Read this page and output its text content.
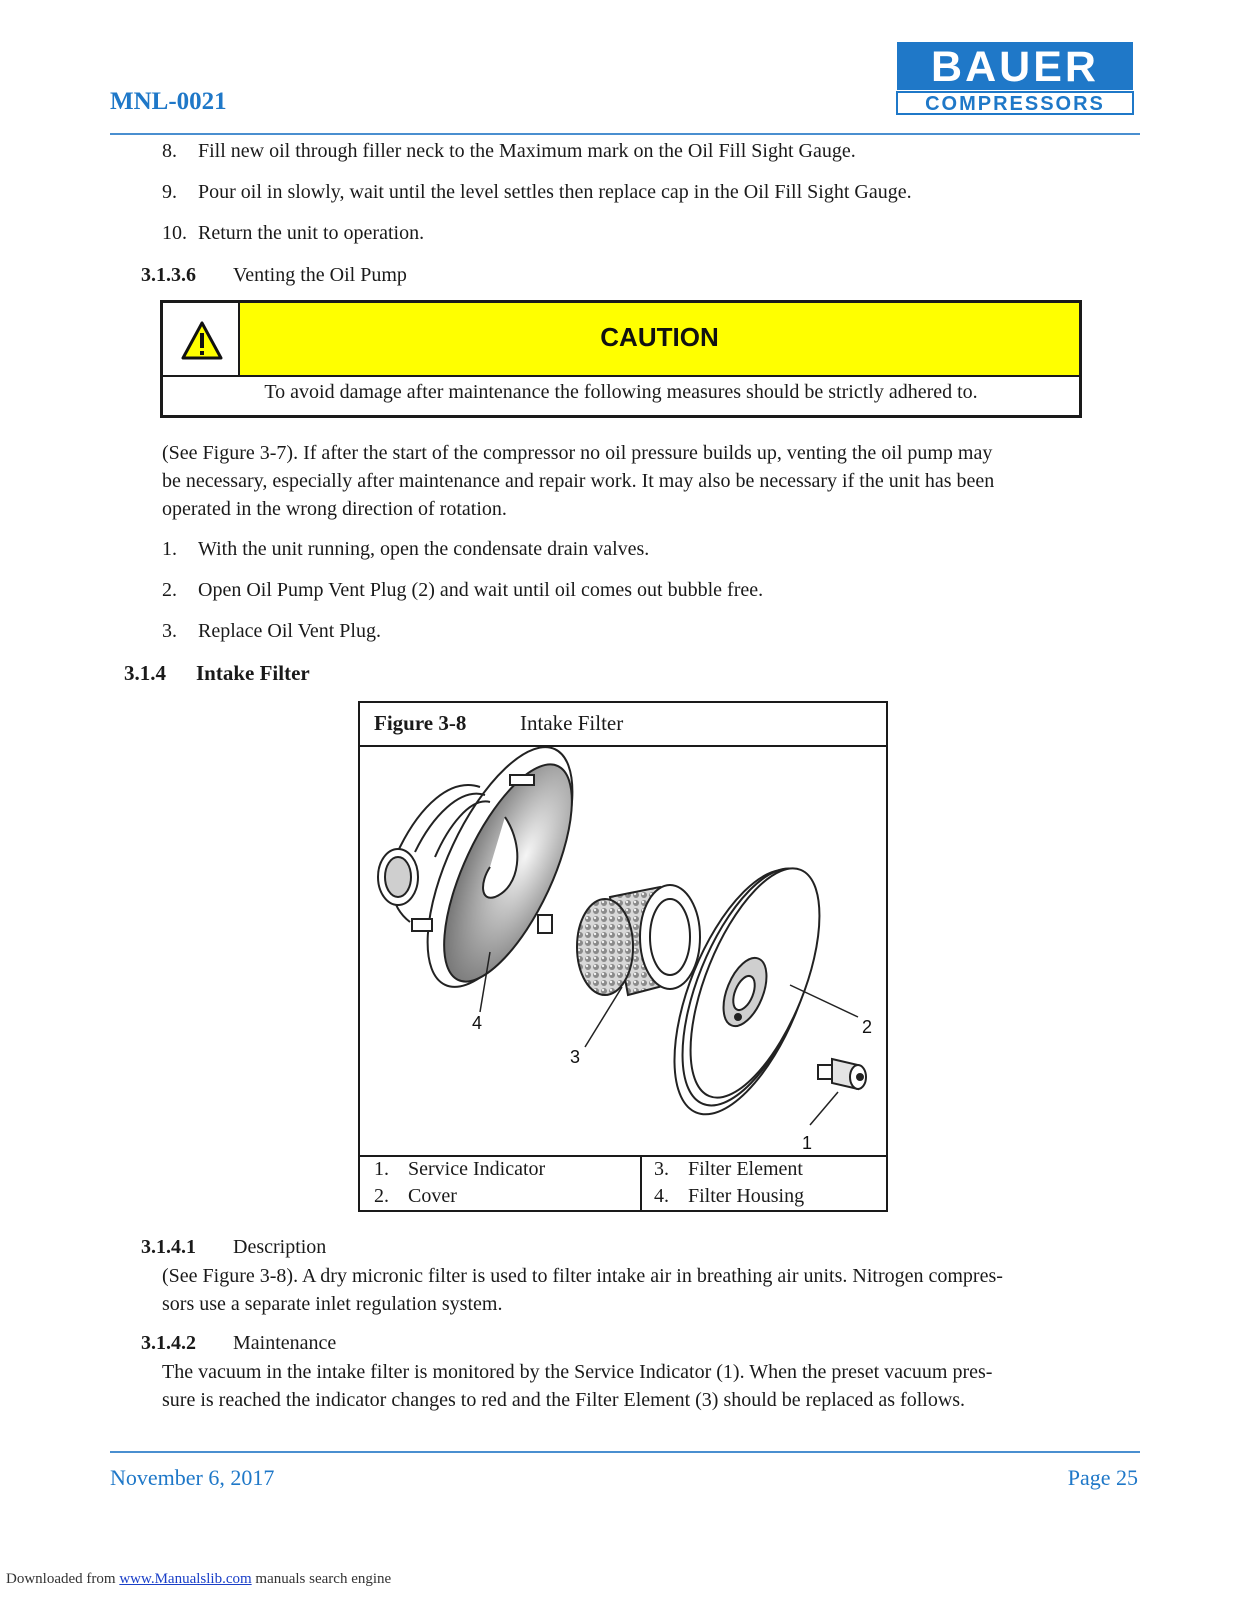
MNL-0021
BAUER
COMPRESSORS
8. Fill new oil through filler neck to the Maximum mark on the Oil Fill Sight Gauge.
9. Pour oil in slowly, wait until the level settles then replace cap in the Oil Fill Sight Gauge.
10. Return the unit to operation.
3.1.3.6 Venting the Oil Pump
CAUTION
To avoid damage after maintenance the following measures should be strictly adhered to.
(See Figure 3-7). If after the start of the compressor no oil pressure builds up, venting the oil pump may
be necessary, especially after maintenance and repair work. It may also be necessary if the unit has been
operated in the wrong direction of rotation.
1. With the unit running, open the condensate drain valves.
2. Open Oil Pump Vent Plug (2) and wait until oil comes out bubble free.
3. Replace Oil Vent Plug.
3.1.4 Intake Filter
Figure 3-8	Intake Filter
4
3
2
1
1. Service Indicator
2. Cover
3. Filter Element
4. Filter Housing
3.1.4.1 Description
(See Figure 3-8). A dry micronic filter is used to filter intake air in breathing air units. Nitrogen compres-
sors use a separate inlet regulation system.
3.1.4.2 Maintenance
The vacuum in the intake filter is monitored by the Service Indicator (1). When the preset vacuum pres-
sure is reached the indicator changes to red and the Filter Element (3) should be replaced as follows.
November 6, 2017	Page 25
Downloaded from www.Manualslib.com manuals search engine
